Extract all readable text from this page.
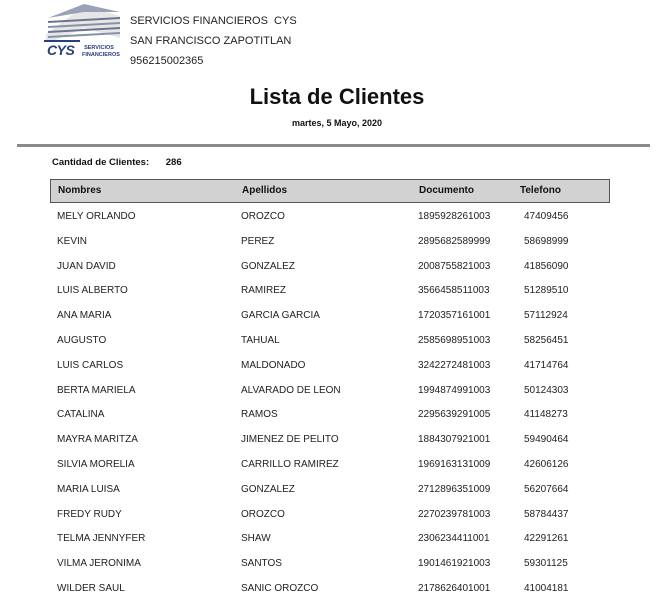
CYS	SERVICIOS FINANCIEROS
SERVICIOS FINANCIEROS  CYS
SAN FRANCISCO ZAPOTITLAN
956215002365
Lista de Clientes
martes, 5 Mayo, 2020
Cantidad de Clientes: 286
Nombres	Apellidos	Documento	Telefono
MELY ORLANDO	OROZCO	1895928261003	47409456
KEVIN	PEREZ	2895682589999	58698999
JUAN DAVID	GONZALEZ	2008755821003	41856090
LUIS ALBERTO	RAMIREZ	3566458511003	51289510
ANA MARIA	GARCIA GARCIA	1720357161001	57112924
AUGUSTO	TAHUAL	2585698951003	58256451
LUIS CARLOS	MALDONADO	3242272481003	41714764
BERTA MARIELA	ALVARADO DE LEON	1994874991003	50124303
CATALINA	RAMOS	2295639291005	41148273
MAYRA MARITZA	JIMENEZ DE PELITO	1884307921001	59490464
SILVIA MORELIA	CARRILLO RAMIREZ	1969163131009	42606126
MARIA LUISA	GONZALEZ	2712896351009	56207664
FREDY RUDY	OROZCO	2270239781003	58784437
TELMA JENNYFER	SHAW	2306234411001	42291261
VILMA JERONIMA	SANTOS	1901461921003	59301125
WILDER SAUL	SANIC OROZCO	2178626401001	41004181
